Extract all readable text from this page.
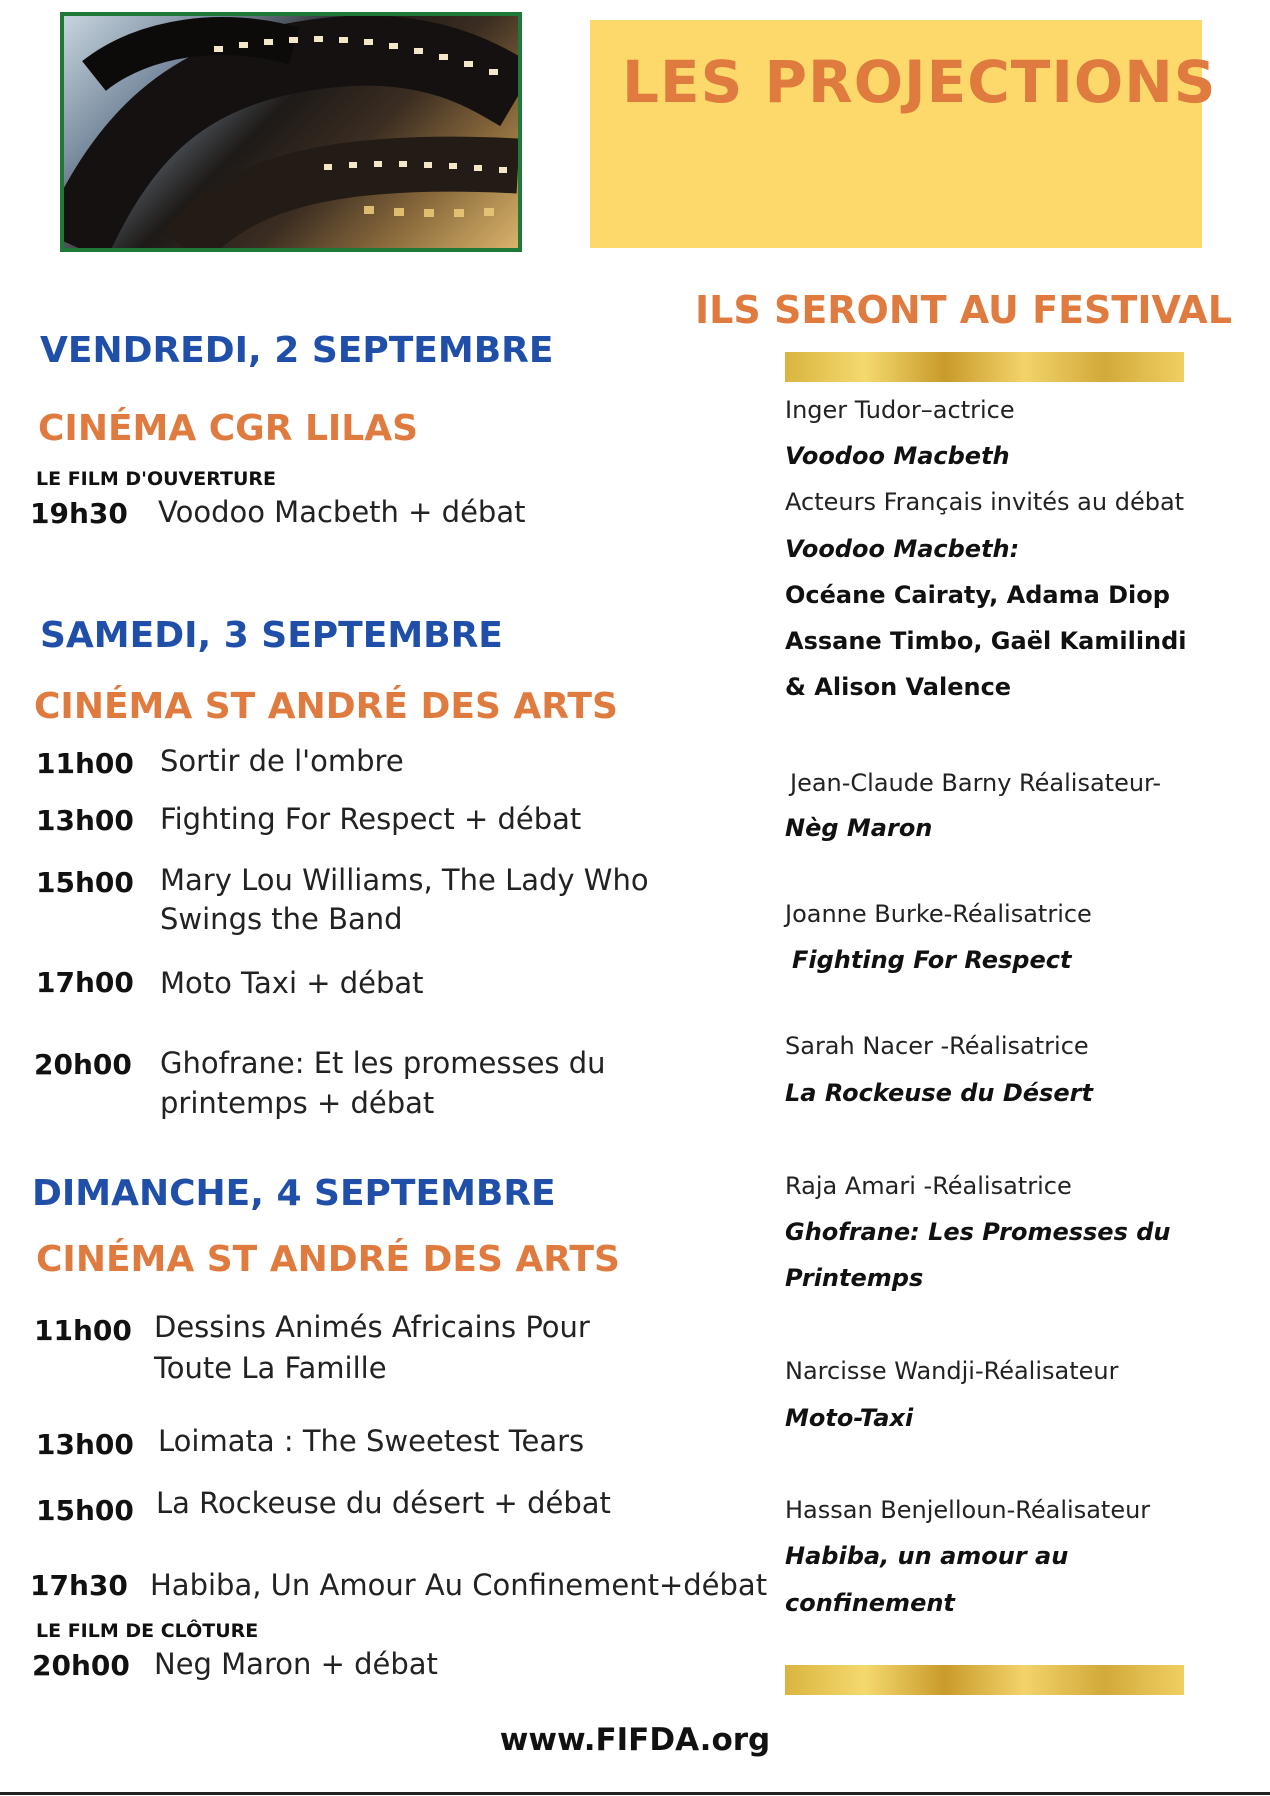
LES PROJECTIONS
VENDREDI, 2 SEPTEMBRE
CINÉMA CGR LILAS
LE FILM D'OUVERTURE
19h30 Voodoo Macbeth + débat
SAMEDI, 3 SEPTEMBRE
CINÉMA ST ANDRÉ DES ARTS
11h00 Sortir de l'ombre
13h00 Fighting For Respect + débat
15h00 Mary Lou Williams, The Lady Who
Swings the Band
17h00 Moto Taxi + débat
20h00 Ghofrane: Et les promesses du
printemps + débat
DIMANCHE, 4 SEPTEMBRE
CINÉMA ST ANDRÉ DES ARTS
11h00 Dessins Animés Africains Pour
Toute La Famille
13h00 Loimata : The Sweetest Tears
15h00 La Rockeuse du désert + débat
17h30 Habiba, Un Amour Au Confinement+débat
LE FILM DE CLÔTURE
20h00 Neg Maron + débat
ILS SERONT AU FESTIVAL
Inger Tudor–actrice
Voodoo Macbeth
Acteurs Français invités au débat
Voodoo Macbeth:
Océane Cairaty, Adama Diop
Assane Timbo, Gaël Kamilindi
& Alison Valence
Jean-Claude Barny Réalisateur-
Nèg Maron
Joanne Burke-Réalisatrice
Fighting For Respect
Sarah Nacer -Réalisatrice
La Rockeuse du Désert
Raja Amari -Réalisatrice
Ghofrane: Les Promesses du
Printemps
Narcisse Wandji-Réalisateur
Moto-Taxi
Hassan Benjelloun-Réalisateur
Habiba, un amour au
confinement
www.FIFDA.org
